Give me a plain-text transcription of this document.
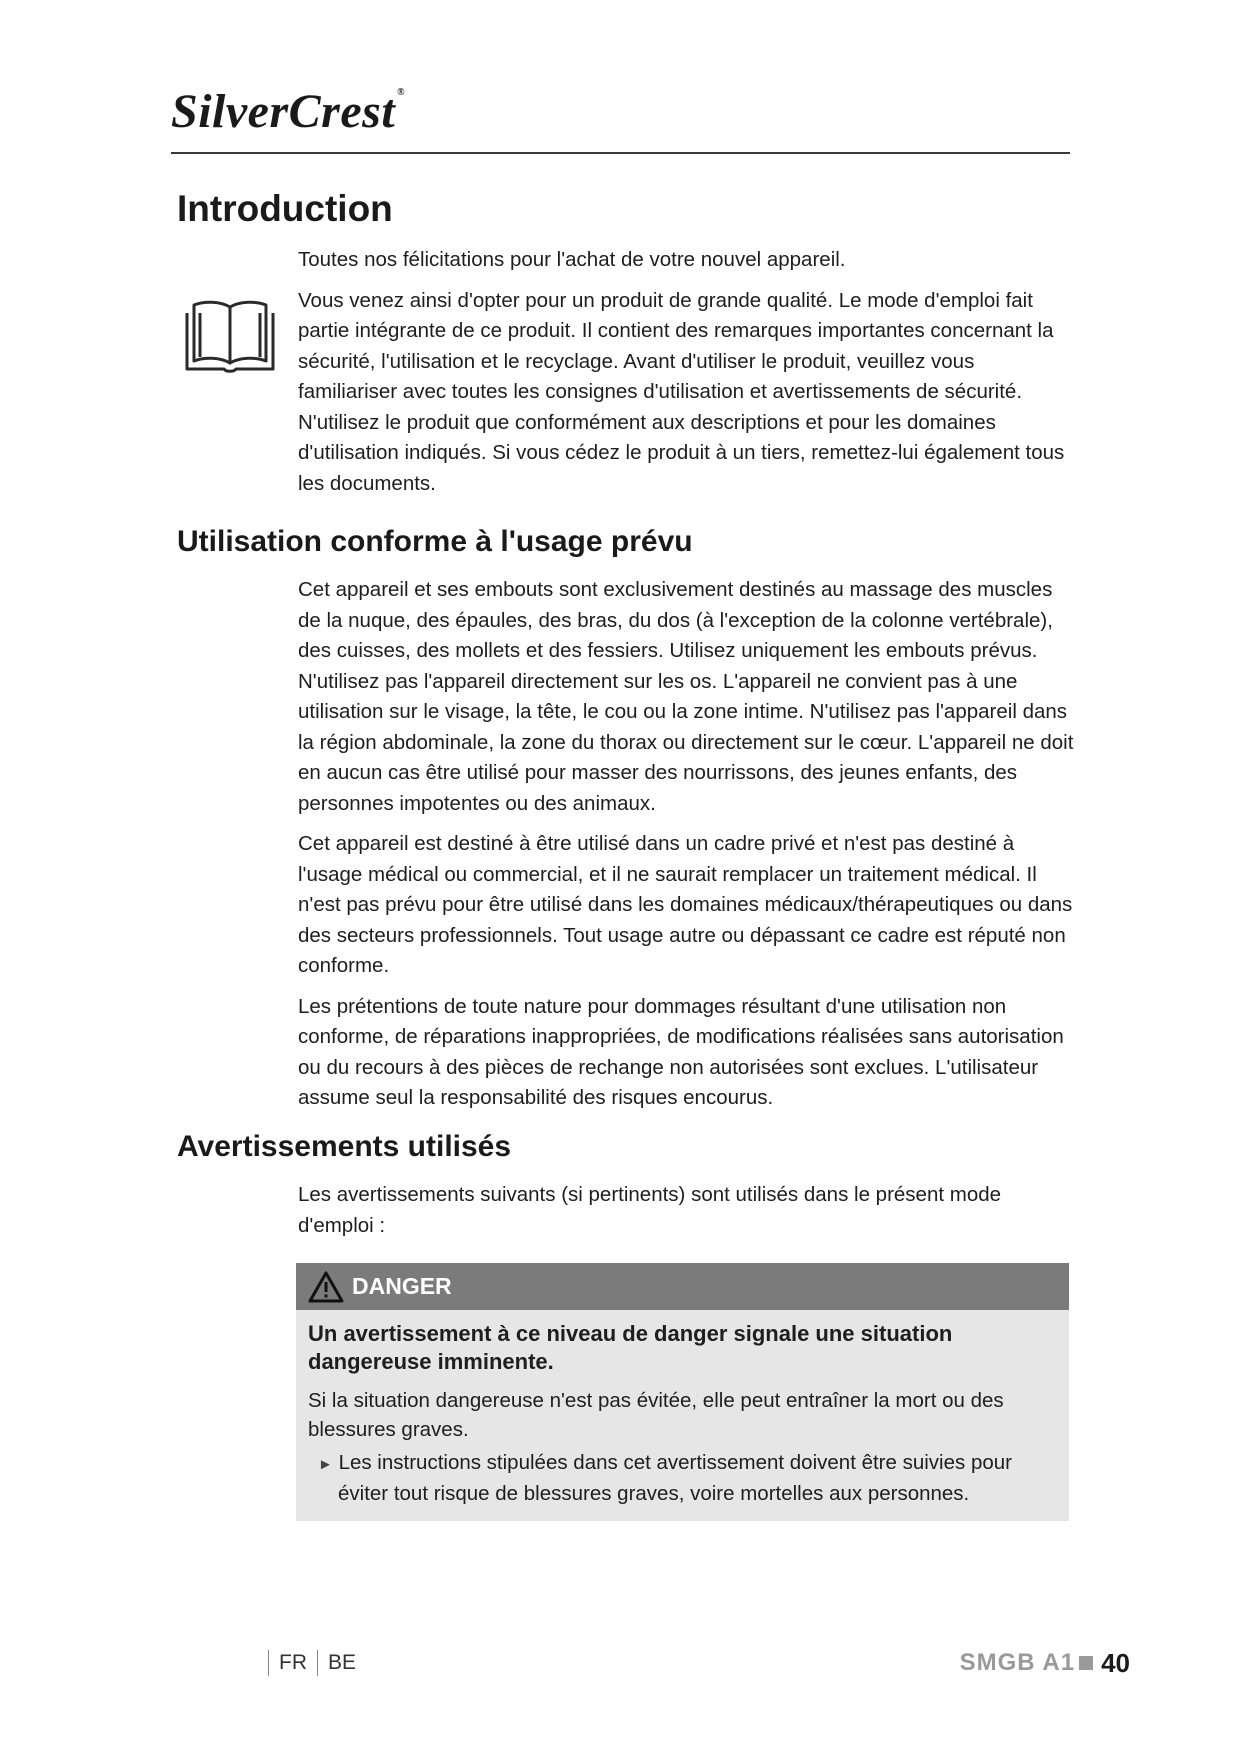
SilverCrest ®
Introduction

Toutes nos félicitations pour l'achat de votre nouvel appareil.

Vous venez ainsi d'opter pour un produit de grande qualité. Le mode d'emploi fait partie intégrante de ce produit. Il contient des remarques importantes concernant la sécurité, l'utilisation et le recyclage. Avant d'utiliser le produit, veuillez vous familiariser avec toutes les consignes d'utilisation et avertissements de sécurité. N'utilisez le produit que conformément aux descriptions et pour les domaines d'utilisation indiqués. Si vous cédez le produit à un tiers, remettez-lui également tous les documents.

Utilisation conforme à l'usage prévu

Cet appareil et ses embouts sont exclusivement destinés au massage des muscles de la nuque, des épaules, des bras, du dos (à l'exception de la colonne vertébrale), des cuisses, des mollets et des fessiers. Utilisez uniquement les embouts prévus. N'utilisez pas l'appareil directement sur les os. L'appareil ne convient pas à une utilisation sur le visage, la tête, le cou ou la zone intime. N'utilisez pas l'appareil dans la région abdominale, la zone du thorax ou directement sur le cœur. L'appareil ne doit en aucun cas être utilisé pour masser des nourrissons, des jeunes enfants, des personnes impotentes ou des animaux.

Cet appareil est destiné à être utilisé dans un cadre privé et n'est pas destiné à l'usage médical ou commercial, et il ne saurait remplacer un traitement médical. Il n'est pas prévu pour être utilisé dans les domaines médicaux/thérapeutiques ou dans des secteurs professionnels. Tout usage autre ou dépassant ce cadre est réputé non conforme.

Les prétentions de toute nature pour dommages résultant d'une utilisation non conforme, de réparations inappropriées, de modifications réalisées sans autorisation ou du recours à des pièces de rechange non autorisées sont exclues. L'utilisateur assume seul la responsabilité des risques encourus.

Avertissements utilisés

Les avertissements suivants (si pertinents) sont utilisés dans le présent mode d'emploi :

DANGER

Un avertissement à ce niveau de danger signale une situation dangereuse imminente.

Si la situation dangereuse n'est pas évitée, elle peut entraîner la mort ou des blessures graves.

► Les instructions stipulées dans cet avertissement doivent être suivies pour éviter tout risque de blessures graves, voire mortelles aux personnes.

FR BE	SMGB A1 40
